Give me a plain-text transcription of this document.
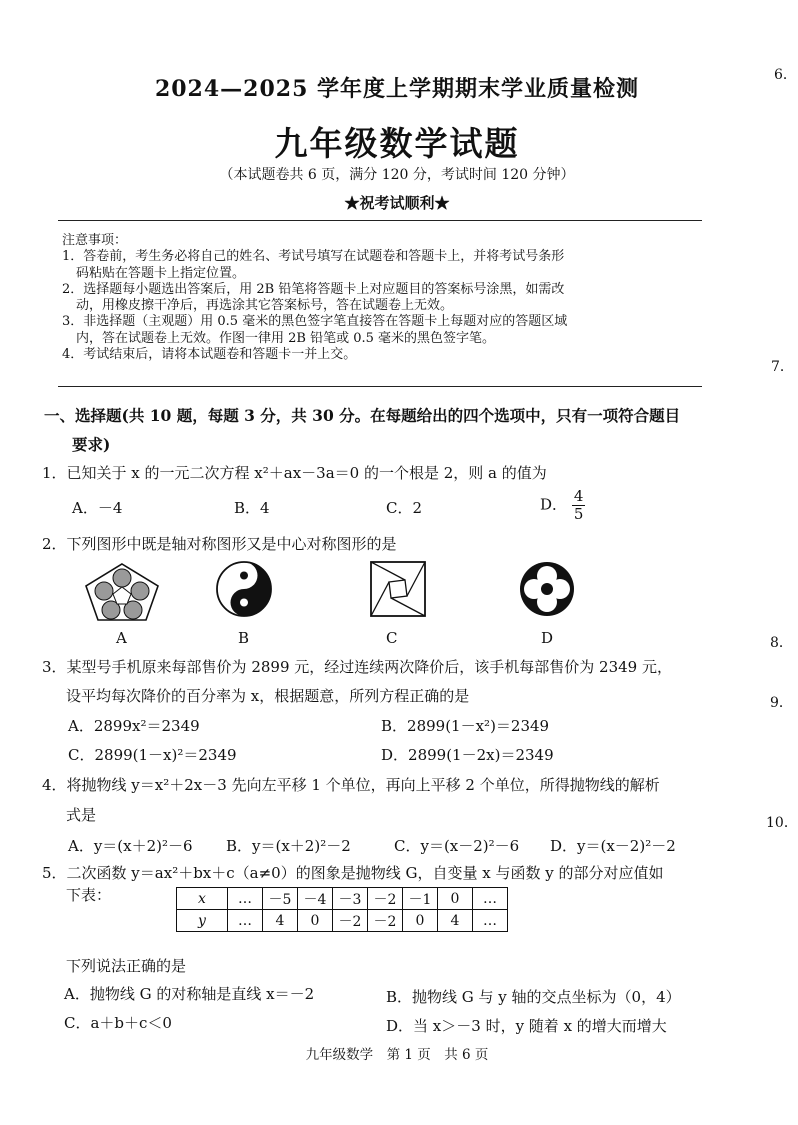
2024—2025 学年度上学期期末学业质量检测
九年级数学试题
（本试题卷共 6 页，满分 120 分，考试时间 120 分钟）
★祝考试顺利★
注意事项：
1．答卷前，考生务必将自己的姓名、考试号填写在试题卷和答题卡上，并将考试号条形
码粘贴在答题卡上指定位置。
2．选择题每小题选出答案后，用 2B 铅笔将答题卡上对应题目的答案标号涂黑，如需改
动，用橡皮擦干净后，再选涂其它答案标号，答在试题卷上无效。
3．非选择题（主观题）用 0.5 毫米的黑色签字笔直接答在答题卡上每题对应的答题区域
内，答在试题卷上无效。作图一律用 2B 铅笔或 0.5 毫米的黑色签字笔。
4．考试结束后，请将本试题卷和答题卡一并上交。
一、选择题(共 10 题，每题 3 分，共 30 分。在每题给出的四个选项中，只有一项符合题目
要求)
1．已知关于 x 的一元二次方程 x²＋ax－3a＝0 的一个根是 2，则 a 的值为
A．－4	B．4	C．2	D． $\frac{4}{5}$
2．下列图形中既是轴对称图形又是中心对称图形的是
A	B	C	D
3．某型号手机原来每部售价为 2899 元，经过连续两次降价后，该手机每部售价为 2349 元，
设平均每次降价的百分率为 x，根据题意，所列方程正确的是
A．2899x²＝2349	B．2899(1－x²)＝2349
C．2899(1－x)²＝2349	D．2899(1－2x)＝2349
4．将抛物线 y＝x²＋2x－3 先向左平移 1 个单位，再向上平移 2 个单位，所得抛物线的解析
式是
A．y＝(x＋2)²－6 B．y＝(x＋2)²－2	C．y＝(x－2)²－6 D．y＝(x－2)²－2
5．二次函数 y＝ax²＋bx＋c（a≠0）的图象是抛物线 G，自变量 x 与函数 y 的部分对应值如
下表：	x	…	－5	－4	－3	－2	－1	0	…
y	…	4	0	－2	－2	0	4	…
下列说法正确的是
A．抛物线 G 的对称轴是直线 x＝－2	B．抛物线 G 与 y 轴的交点坐标为（0，4）
C．a＋b＋c＜0	D．当 x＞－3 时，y 随着 x 的增大而增大
九年级数学　第 1 页　共 6 页
6．
7．
8．
9．
10．
